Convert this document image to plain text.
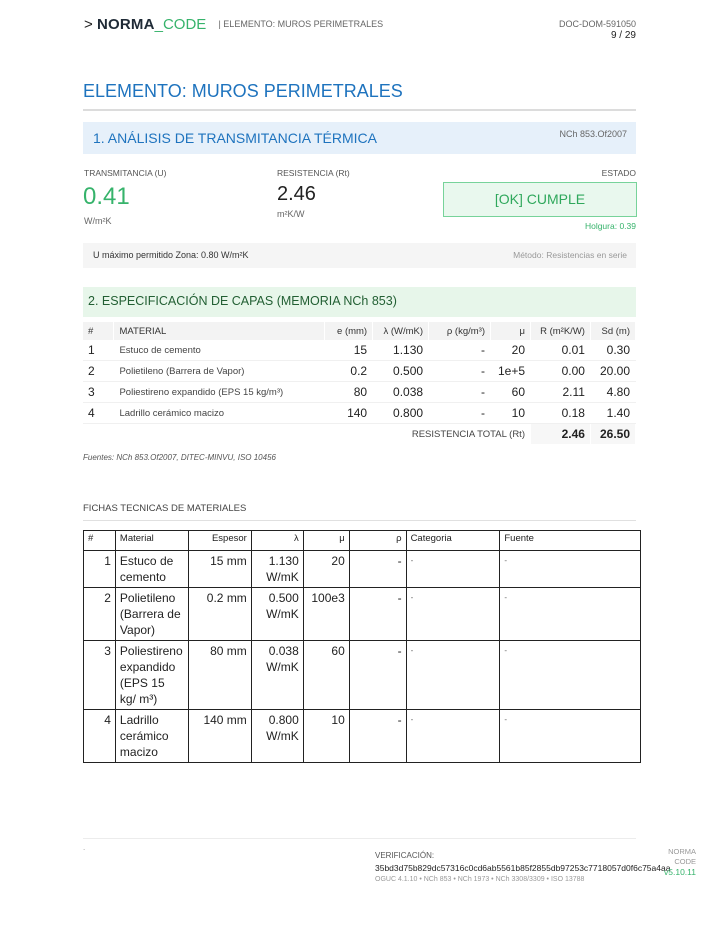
> NORMA_CODE | ELEMENTO: MUROS PERIMETRALES	DOC-DOM-591050
9 / 29
ELEMENTO: MUROS PERIMETRALES
1. ANÁLISIS DE TRANSMITANCIA TÉRMICA	NCh 853.Of2007
TRANSMITANCIA (U)
0.41
W/m²K
RESISTENCIA (Rt)
2.46
m²K/W
ESTADO
[OK] CUMPLE
Holgura: 0.39
U máximo permitido Zona: 0.80 W/m²K	Método: Resistencias en serie
2. ESPECIFICACIÓN DE CAPAS (MEMORIA NCh 853)
#	MATERIAL	e (mm)	λ (W/mK)	ρ (kg/m³)	μ	R (m²K/W)	Sd (m)
1	Estuco de cemento	15	1.130	-	20	0.01	0.30
2	Polietileno (Barrera de Vapor)	0.2	0.500	-	1e+5	0.00	20.00
3	Poliestireno expandido (EPS 15 kg/m³)	80	0.038	-	60	2.11	4.80
4	Ladrillo cerámico macizo	140	0.800	-	10	0.18	1.40
RESISTENCIA TOTAL (Rt)						2.46	26.50
Fuentes: NCh 853.Of2007, DITEC-MINVU, ISO 10456
FICHAS TECNICAS DE MATERIALES
#	Material	Espesor	λ	μ	ρ	Categoria	Fuente
1	Estuco de cemento	15 mm	1.130 W/mK	20	-	-	-
2	Polietileno (Barrera de Vapor)	0.2 mm	0.500 W/mK	100e3	-	-	-
3	Poliestireno expandido (EPS 15 kg/ m³)	80 mm	0.038 W/mK	60	-	-	-
4	Ladrillo cerámico macizo	140 mm	0.800 W/mK	10	-	-	-
.
VERIFICACIÓN:
35bd3d75b829dc57316c0cd6ab5561b85f2855db97253c7718057d0f6c75a4aa
OGUC 4.1.10 • NCh 853 • NCh 1973 • NCh 3308/3309 • ISO 13788
NORMA
CODE
v5.10.11
